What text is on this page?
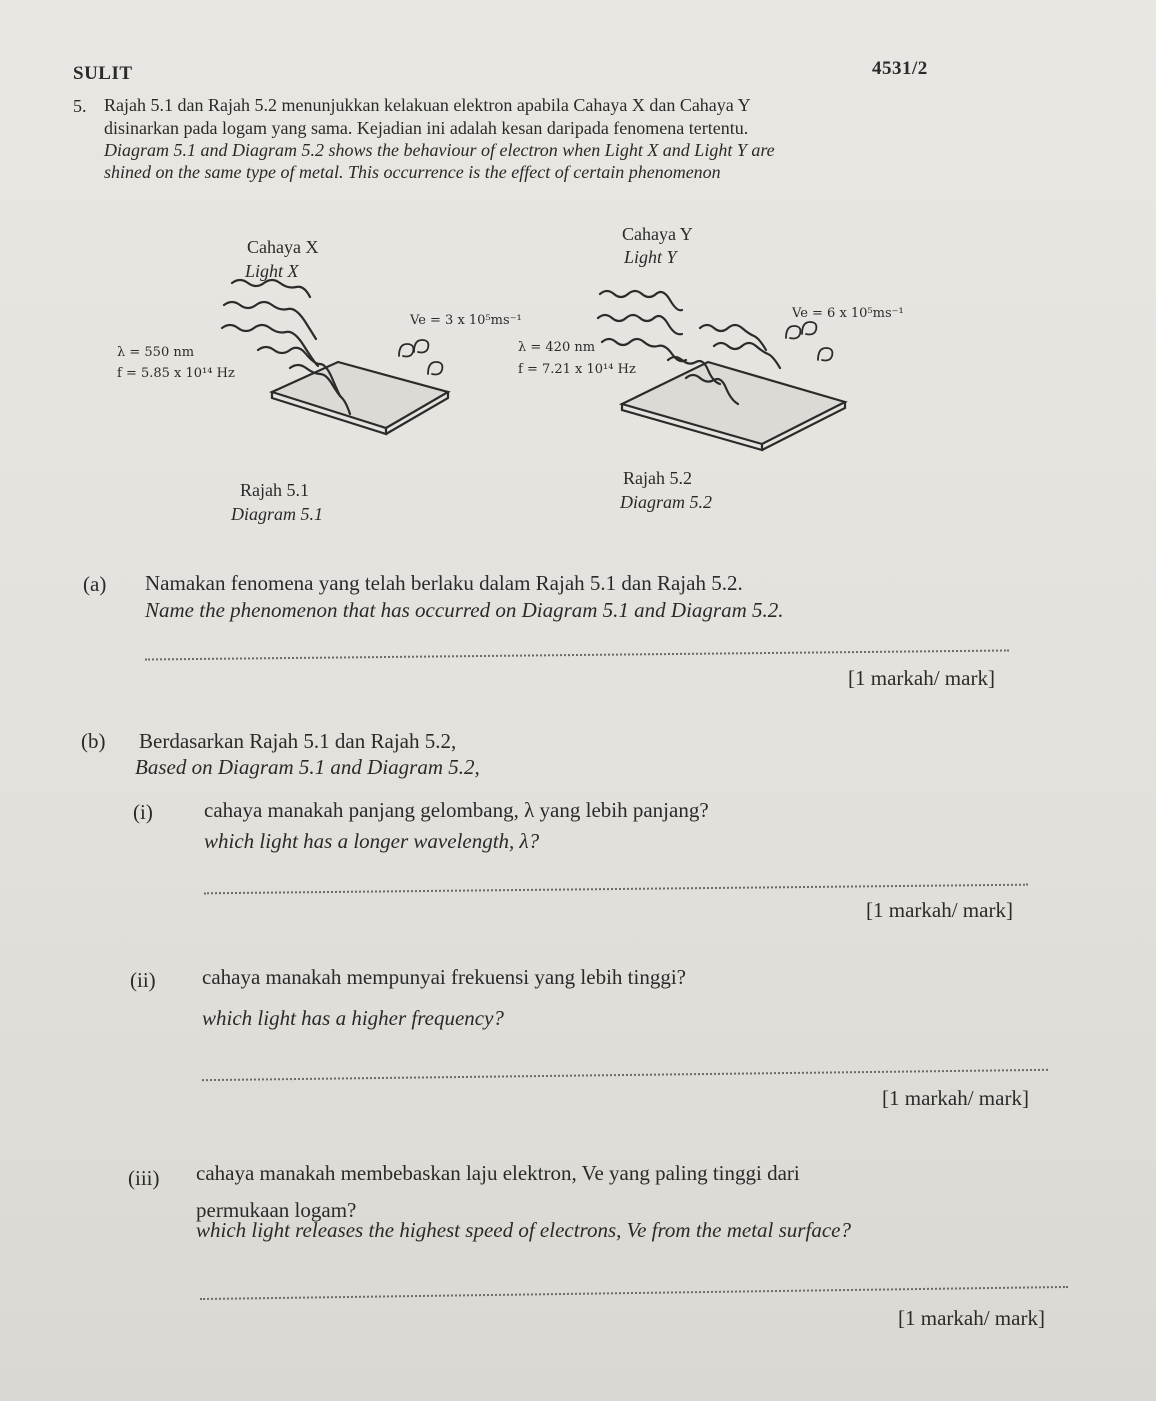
SULIT	4531/2
5. Rajah 5.1 dan Rajah 5.2 menunjukkan kelakuan elektron apabila Cahaya X dan Cahaya Y
disinarkan pada logam yang sama. Kejadian ini adalah kesan daripada fenomena tertentu.
Diagram 5.1 and Diagram 5.2 shows the behaviour of electron when Light X and Light Y are
shined on the same type of metal. This occurrence is the effect of certain phenomenon
Cahaya X
Light X
Ve = 3 x 10⁵ms⁻¹
λ = 550 nm
f = 5.85 x 10¹⁴ Hz
Rajah 5.1
Diagram 5.1
Cahaya Y
Light Y
Ve = 6 x 10⁵ms⁻¹
λ = 420 nm
f = 7.21 x 10¹⁴ Hz
Rajah 5.2
Diagram 5.2
(a) Namakan fenomena yang telah berlaku dalam Rajah 5.1 dan Rajah 5.2.
Name the phenomenon that has occurred on Diagram 5.1 and Diagram 5.2.
[1 markah/ mark]
(b) Berdasarkan Rajah 5.1 dan Rajah 5.2,
Based on Diagram 5.1 and Diagram 5.2,
(i) cahaya manakah panjang gelombang, λ yang lebih panjang?
which light has a longer wavelength, λ?
[1 markah/ mark]
(ii) cahaya manakah mempunyai frekuensi yang lebih tinggi?
which light has a higher frequency?
[1 markah/ mark]
(iii) cahaya manakah membebaskan laju elektron, Ve yang paling tinggi dari
permukaan logam?
which light releases the highest speed of electrons, Ve from the metal surface?
[1 markah/ mark]
